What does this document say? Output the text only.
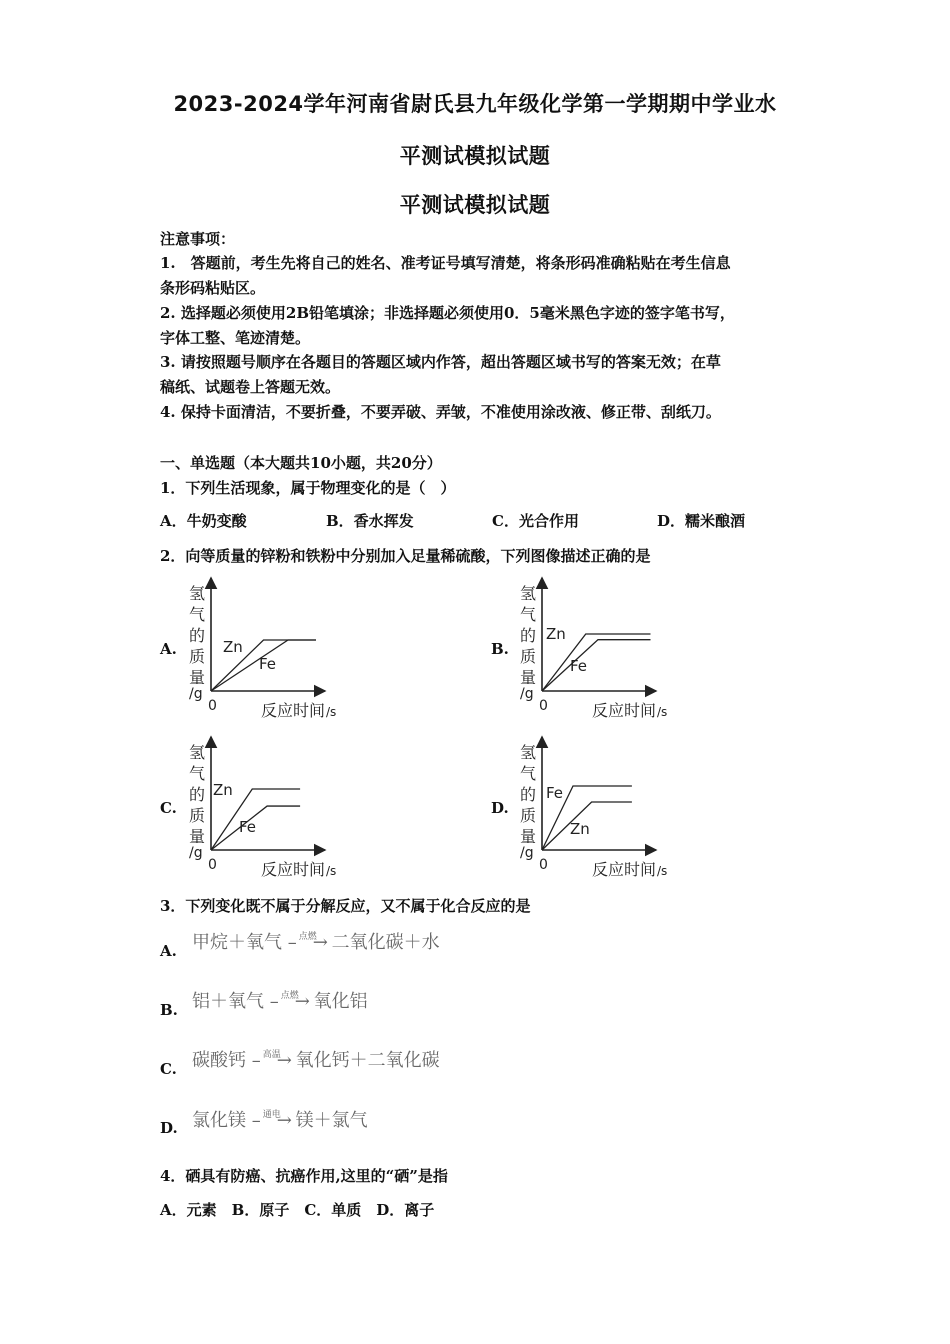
2023-2024学年河南省尉氏县九年级化学第一学期期中学业水
平测试模拟试题
平测试模拟试题
注意事项：
1.　答题前，考生先将自己的姓名、准考证号填写清楚，将条形码准确粘贴在考生信息
条形码粘贴区。
2. 选择题必须使用2B铅笔填涂；非选择题必须使用0．5毫米黑色字迹的签字笔书写，
字体工整、笔迹清楚。
3. 请按照题号顺序在各题目的答题区域内作答，超出答题区域书写的答案无效；在草
稿纸、试题卷上答题无效。
4. 保持卡面清洁，不要折叠，不要弄破、弄皱，不准使用涂改液、修正带、刮纸刀。
一、单选题（本大题共10小题，共20分）
1．下列生活现象，属于物理变化的是（　）
A．牛奶变酸	B．香水挥发	C．光合作用	D．糯米酿酒
2．向等质量的锌粉和铁粉中分别加入足量稀硫酸，下列图像描述正确的是
A.	B.
C.	D.
氢
气
的
质
量
/g
0	反应时间 /s
Zn
Fe
氢
气
的
质
量
/g
0	反应时间 /s
Zn
Fe
氢
气
的
质
量
/g
0	反应时间 /s
Zn
Fe
氢
气
的
质
量
/g
0	反应时间 /s
Fe
Zn
3．下列变化既不属于分解反应，又不属于化合反应的是
A. 甲烷＋氧气 – $^{点燃}$→ 二氧化碳＋水
B. 铝＋氧气 – $^{点燃}$→ 氧化铝
C. 碳酸钙 – $^{高温}$→ 氧化钙＋二氧化碳
D. 氯化镁 – $^{通电}$→ 镁＋氯气
4．硒具有防癌、抗癌作用,这里的“硒”是指
A．元素　B．原子　C．单质　D．离子
